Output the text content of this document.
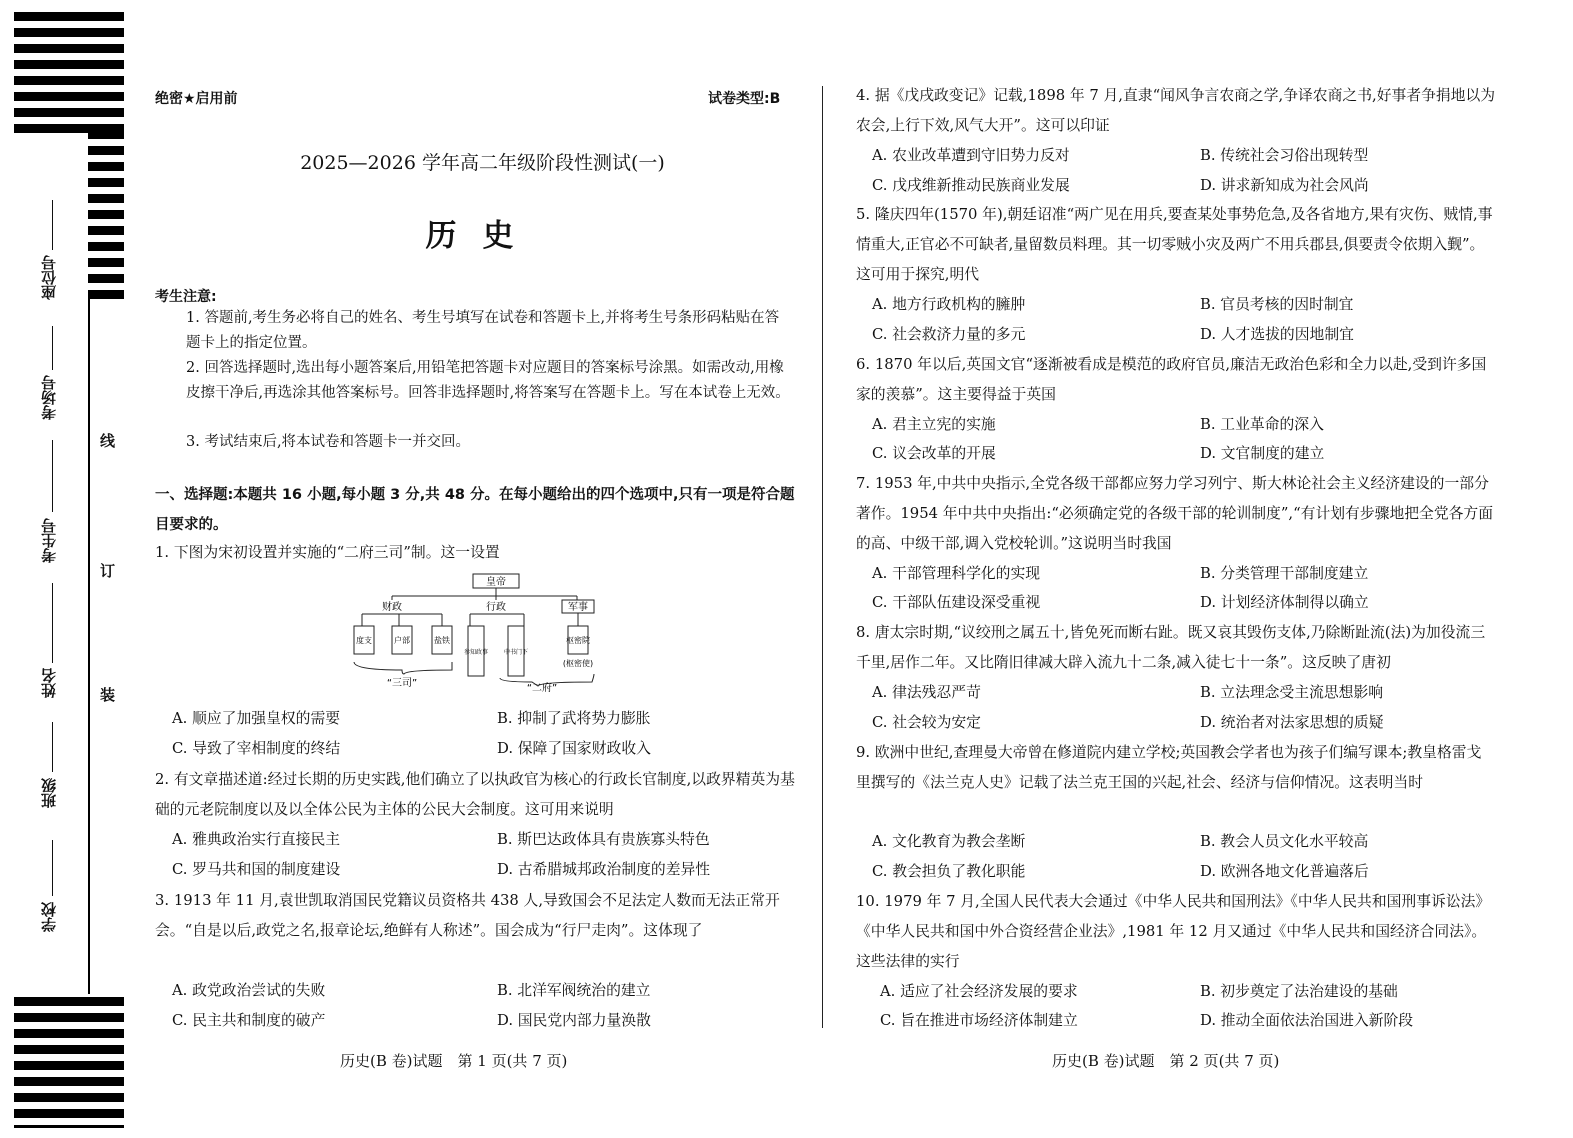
座位号
考场号
考生号
姓名
班级
学校
线
订
装
绝密★启用前	试卷类型:B
2025—2026 学年高二年级阶段性测试(一)
历史
考生注意:
1. 答题前,考生务必将自己的姓名、考生号填写在试卷和答题卡上,并将考生号条形码粘贴在答题卡上的指定位置。
2. 回答选择题时,选出每小题答案后,用铅笔把答题卡对应题目的答案标号涂黑。如需改动,用橡皮擦干净后,再选涂其他答案标号。回答非选择题时,将答案写在答题卡上。写在本试卷上无效。
3. 考试结束后,将本试卷和答题卡一并交回。
一、选择题:本题共 16 小题,每小题 3 分,共 48 分。在每小题给出的四个选项中,只有一项是符合题目要求的。
1. 下图为宋初设置并实施的“二府三司”制。这一设置
皇帝
财政	行政	军事
度支	户部	盐铁
参知政事	中书门下
枢密院
(枢密使)
“三司”	“二府”
A. 顺应了加强皇权的需要	B. 抑制了武将势力膨胀
C. 导致了宰相制度的终结	D. 保障了国家财政收入
2. 有文章描述道:经过长期的历史实践,他们确立了以执政官为核心的行政长官制度,以政界精英为基础的元老院制度以及以全体公民为主体的公民大会制度。这可用来说明
A. 雅典政治实行直接民主	B. 斯巴达政体具有贵族寡头特色
C. 罗马共和国的制度建设	D. 古希腊城邦政治制度的差异性
3. 1913 年 11 月,袁世凯取消国民党籍议员资格共 438 人,导致国会不足法定人数而无法正常开会。“自是以后,政党之名,报章论坛,绝鲜有人称述”。国会成为“行尸走肉”。这体现了
A. 政党政治尝试的失败	B. 北洋军阀统治的建立
C. 民主共和制度的破产	D. 国民党内部力量涣散
历史(B 卷)试题　第 1 页(共 7 页)
4. 据《戊戌政变记》记载,1898 年 7 月,直隶“闻风争言农商之学,争译农商之书,好事者争捐地以为农会,上行下效,风气大开”。这可以印证
A. 农业改革遭到守旧势力反对	B. 传统社会习俗出现转型
C. 戊戌维新推动民族商业发展	D. 讲求新知成为社会风尚
5. 隆庆四年(1570 年),朝廷诏准“两广见在用兵,要查某处事势危急,及各省地方,果有灾伤、贼情,事情重大,正官必不可缺者,量留数员料理。其一切零贼小灾及两广不用兵郡县,俱要责令依期入觐”。这可用于探究,明代
A. 地方行政机构的臃肿	B. 官员考核的因时制宜
C. 社会救济力量的多元	D. 人才选拔的因地制宜
6. 1870 年以后,英国文官“逐渐被看成是模范的政府官员,廉洁无政治色彩和全力以赴,受到许多国家的羡慕”。这主要得益于英国
A. 君主立宪的实施	B. 工业革命的深入
C. 议会改革的开展	D. 文官制度的建立
7. 1953 年,中共中央指示,全党各级干部都应努力学习列宁、斯大林论社会主义经济建设的一部分著作。1954 年中共中央指出:“必须确定党的各级干部的轮训制度”,“有计划有步骤地把全党各方面的高、中级干部,调入党校轮训。”这说明当时我国
A. 干部管理科学化的实现	B. 分类管理干部制度建立
C. 干部队伍建设深受重视	D. 计划经济体制得以确立
8. 唐太宗时期,“议绞刑之属五十,皆免死而断右趾。既又哀其毁伤支体,乃除断趾流(法)为加役流三千里,居作二年。又比隋旧律减大辟入流九十二条,减入徒七十一条”。这反映了唐初
A. 律法残忍严苛	B. 立法理念受主流思想影响
C. 社会较为安定	D. 统治者对法家思想的质疑
9. 欧洲中世纪,查理曼大帝曾在修道院内建立学校;英国教会学者也为孩子们编写课本;教皇格雷戈里撰写的《法兰克人史》记载了法兰克王国的兴起,社会、经济与信仰情况。这表明当时
A. 文化教育为教会垄断	B. 教会人员文化水平较高
C. 教会担负了教化职能	D. 欧洲各地文化普遍落后
10. 1979 年 7 月,全国人民代表大会通过《中华人民共和国刑法》《中华人民共和国刑事诉讼法》《中华人民共和国中外合资经营企业法》,1981 年 12 月又通过《中华人民共和国经济合同法》。这些法律的实行
A. 适应了社会经济发展的要求	B. 初步奠定了法治建设的基础
C. 旨在推进市场经济体制建立	D. 推动全面依法治国进入新阶段
历史(B 卷)试题　第 2 页(共 7 页)
